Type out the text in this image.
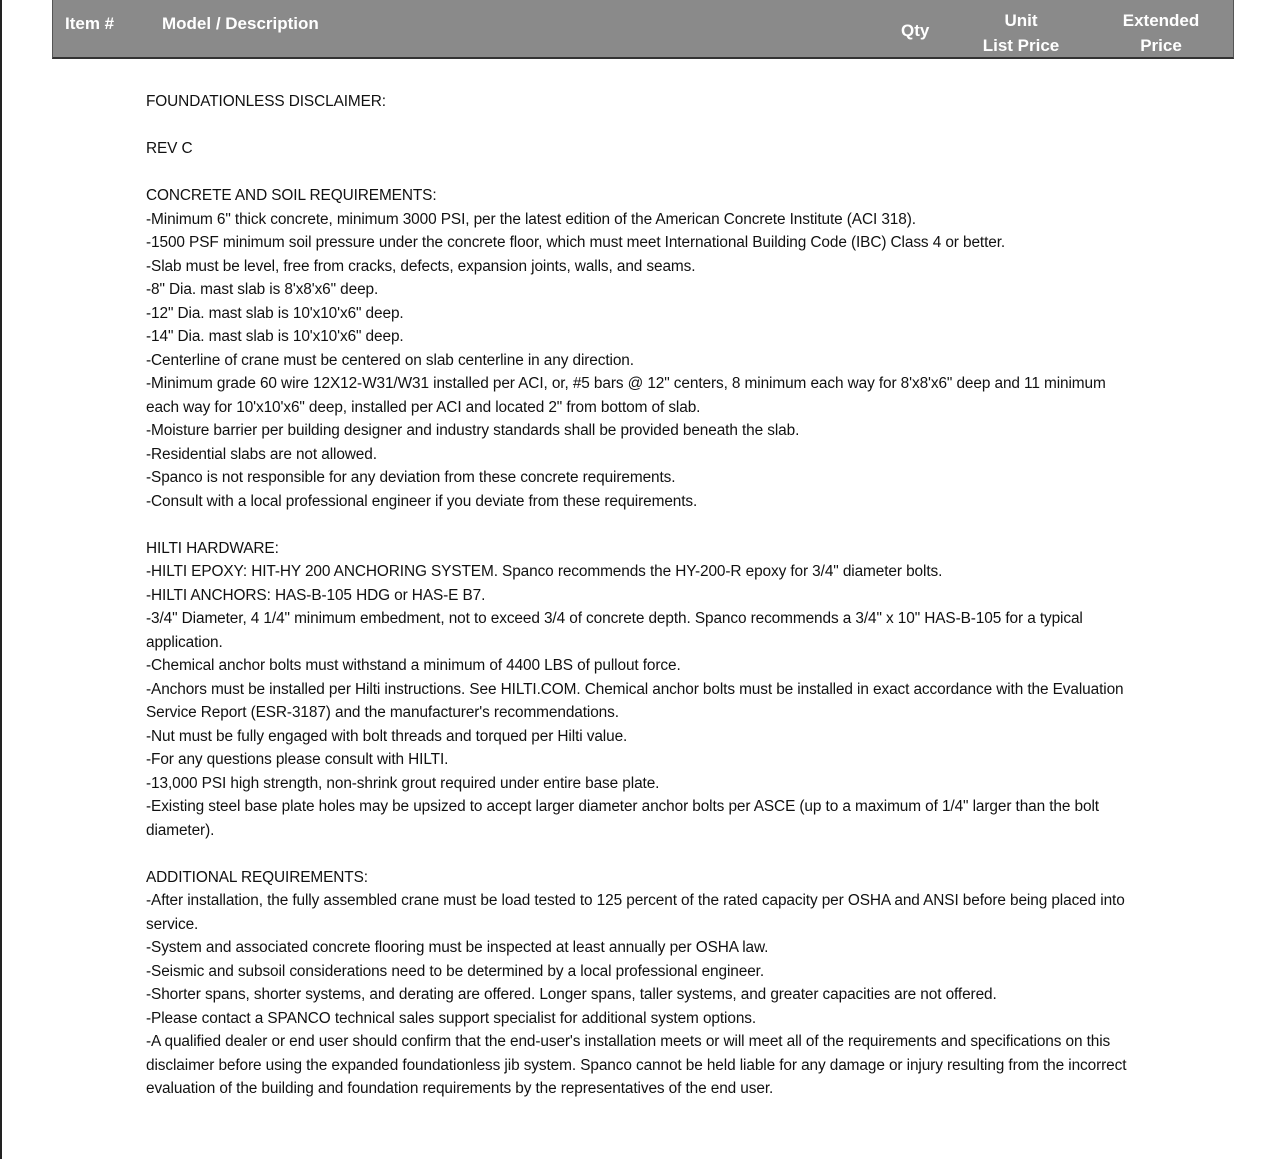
Item #	Model / Description	Qty
Unit
List Price
Extended
Price

FOUNDATIONLESS DISCLAIMER:

REV C

CONCRETE AND SOIL REQUIREMENTS:

-Minimum 6" thick concrete, minimum 3000 PSI, per the latest edition of the American Concrete Institute (ACI 318).

-1500 PSF minimum soil pressure under the concrete floor, which must meet International Building Code (IBC) Class 4 or better.

-Slab must be level, free from cracks, defects, expansion joints, walls, and seams.

-8" Dia. mast slab is 8'x8'x6" deep.

-12" Dia. mast slab is 10'x10'x6" deep.

-14" Dia. mast slab is 10'x10'x6" deep.

-Centerline of crane must be centered on slab centerline in any direction.

-Minimum grade 60 wire 12X12-W31/W31 installed per ACI, or, #5 bars @ 12" centers, 8 minimum each way for 8'x8'x6" deep and 11 minimum each way for 10'x10'x6" deep, installed per ACI and located 2" from bottom of slab.

-Moisture barrier per building designer and industry standards shall be provided beneath the slab.

-Residential slabs are not allowed.

-Spanco is not responsible for any deviation from these concrete requirements.

-Consult with a local professional engineer if you deviate from these requirements.

HILTI HARDWARE:

-HILTI EPOXY: HIT-HY 200 ANCHORING SYSTEM. Spanco recommends the HY-200-R epoxy for 3/4" diameter bolts.

-HILTI ANCHORS: HAS-B-105 HDG or HAS-E B7.

-3/4" Diameter, 4 1/4" minimum embedment, not to exceed 3/4 of concrete depth. Spanco recommends a 3/4" x 10" HAS-B-105 for a typical application.

-Chemical anchor bolts must withstand a minimum of 4400 LBS of pullout force.

-Anchors must be installed per Hilti instructions. See HILTI.COM. Chemical anchor bolts must be installed in exact accordance with the Evaluation Service Report (ESR-3187) and the manufacturer's recommendations.

-Nut must be fully engaged with bolt threads and torqued per Hilti value.

-For any questions please consult with HILTI.

-13,000 PSI high strength, non-shrink grout required under entire base plate.

-Existing steel base plate holes may be upsized to accept larger diameter anchor bolts per ASCE (up to a maximum of 1/4" larger than the bolt diameter).

ADDITIONAL REQUIREMENTS:

-After installation, the fully assembled crane must be load tested to 125 percent of the rated capacity per OSHA and ANSI before being placed into service.

-System and associated concrete flooring must be inspected at least annually per OSHA law.

-Seismic and subsoil considerations need to be determined by a local professional engineer.

-Shorter spans, shorter systems, and derating are offered. Longer spans, taller systems, and greater capacities are not offered.

-Please contact a SPANCO technical sales support specialist for additional system options.

-A qualified dealer or end user should confirm that the end-user's installation meets or will meet all of the requirements and specifications on this disclaimer before using the expanded foundationless jib system. Spanco cannot be held liable for any damage or injury resulting from the incorrect evaluation of the building and foundation requirements by the representatives of the end user.
